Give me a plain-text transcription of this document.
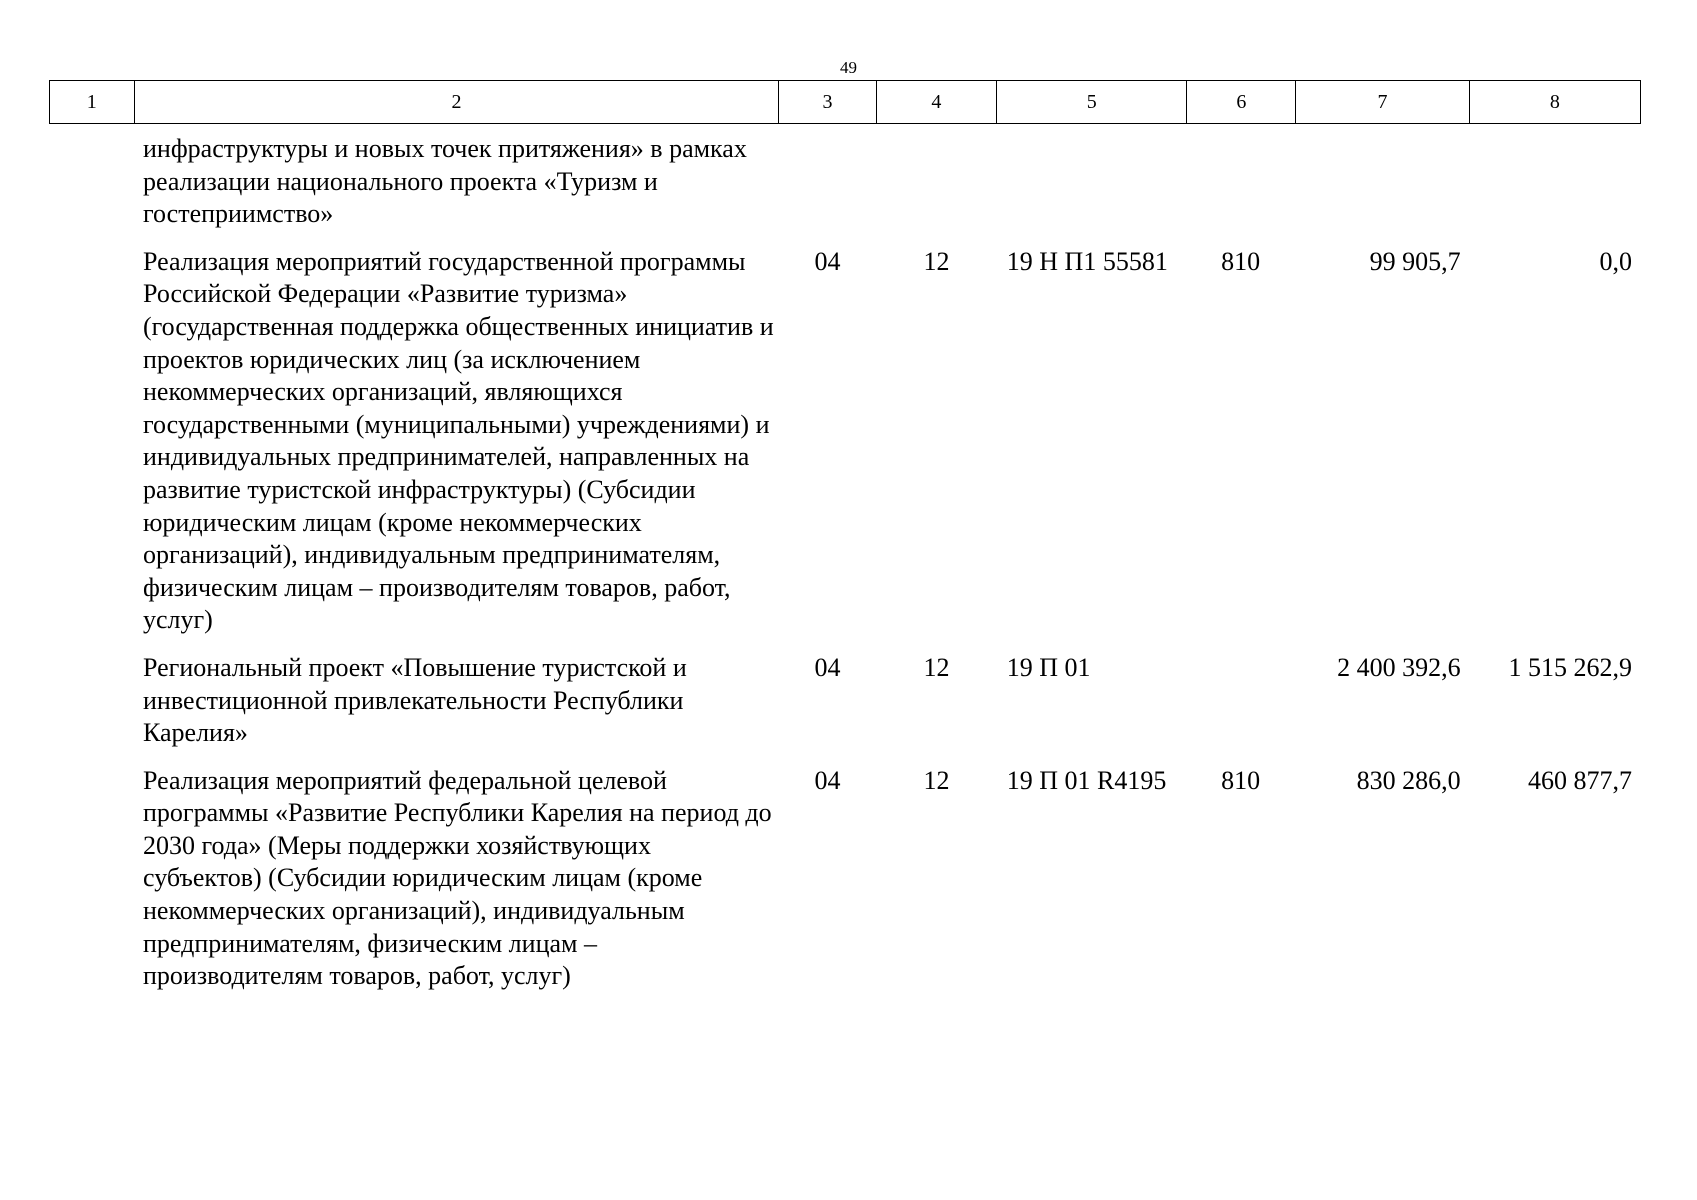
49
1	2	3	4	5	6	7	8
инфраструктуры и новых точек притяжения» в рамках реализации национального проекта «Туризм и гостеприимство»						
Реализация мероприятий государственной программы Российской Федерации «Развитие туризма» (государственная поддержка общественных инициатив и проектов юридических лиц (за исключением некоммерческих организаций, являющихся государственными (муниципальными) учреждениями) и индивидуальных предпринимателей, направленных на развитие туристской инфраструктуры) (Субсидии юридическим лицам (кроме некоммерческих организаций), индивидуальным предпринимателям, физическим лицам – производителям товаров, работ, услуг)	04	12	19 Н П1 55581	810	99 905,7	0,0
Региональный проект «Повышение туристской и инвестиционной привлекательности Республики Карелия»	04	12	19 П 01		2 400 392,6	1 515 262,9
Реализация мероприятий федеральной целевой программы «Развитие Республики Карелия на период до 2030 года» (Меры поддержки хозяйствующих субъектов) (Субсидии юридическим лицам (кроме некоммерческих организаций), индивидуальным предпринимателям, физическим лицам – производителям товаров, работ, услуг)	04	12	19 П 01 R4195	810	830 286,0	460 877,7
